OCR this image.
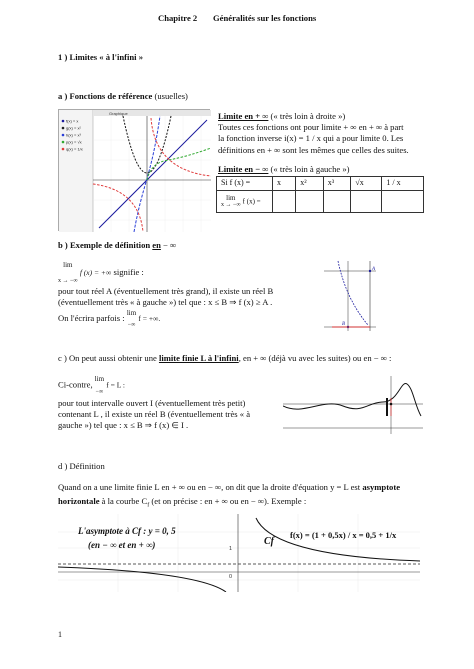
Chapitre 2 Généralités sur les fonctions
1 ) Limites « à l'infini »
a ) Fonctions de référence (usuelles)
Graphique
f(x) = x
g(x) = x²
h(x) = x³
p(x) = √x
q(x) = 1/x
Limite en + ∞ (« très loin à droite »)
Toutes ces fonctions ont pour limite + ∞ en + ∞ à part
la fonction inverse i(x) = 1 / x qui a pour limite 0. Les
définitions en + ∞ sont les mêmes que celles des suites.
Limite en − ∞ (« très loin à gauche »)
Si f (x) =	x	x²	x³	√x	1 / x

lim
x → −∞ f (x) =					
b ) Exemple de définition en − ∞
lim
x → −∞
f (x) = +∞ signifie :
pour tout réel A (éventuellement très grand), il existe un réel B
(éventuellement très « à gauche ») tel que : x ≤ B ⇒ f (x) ≥ A .
On l'écrira parfois : lim
−∞
f = +∞.
A
B
c ) On peut aussi obtenir une limite finie L à l'infini, en + ∞ (déjà vu avec les suites) ou en − ∞ :
Ci-contre,
lim
−∞
f = L :
pour tout intervalle ouvert I (éventuellement très petit)
contenant L , il existe un réel B (éventuellement très « à
gauche ») tel que : x ≤ B ⇒ f (x) ∈ I .
d ) Définition
Quand on a une limite finie L en + ∞ ou en − ∞, on dit que la droite d'équation y = L est asymptote
horizontale à la courbe $C_f$ (et on précise : en + ∞ ou en − ∞). Exemple :
1
0
L'asymptote à Cf : y = 0, 5
(en − ∞ et en + ∞)	Cf
f(x) = (1 + 0,5x) / x = 0,5 + 1/x
1
